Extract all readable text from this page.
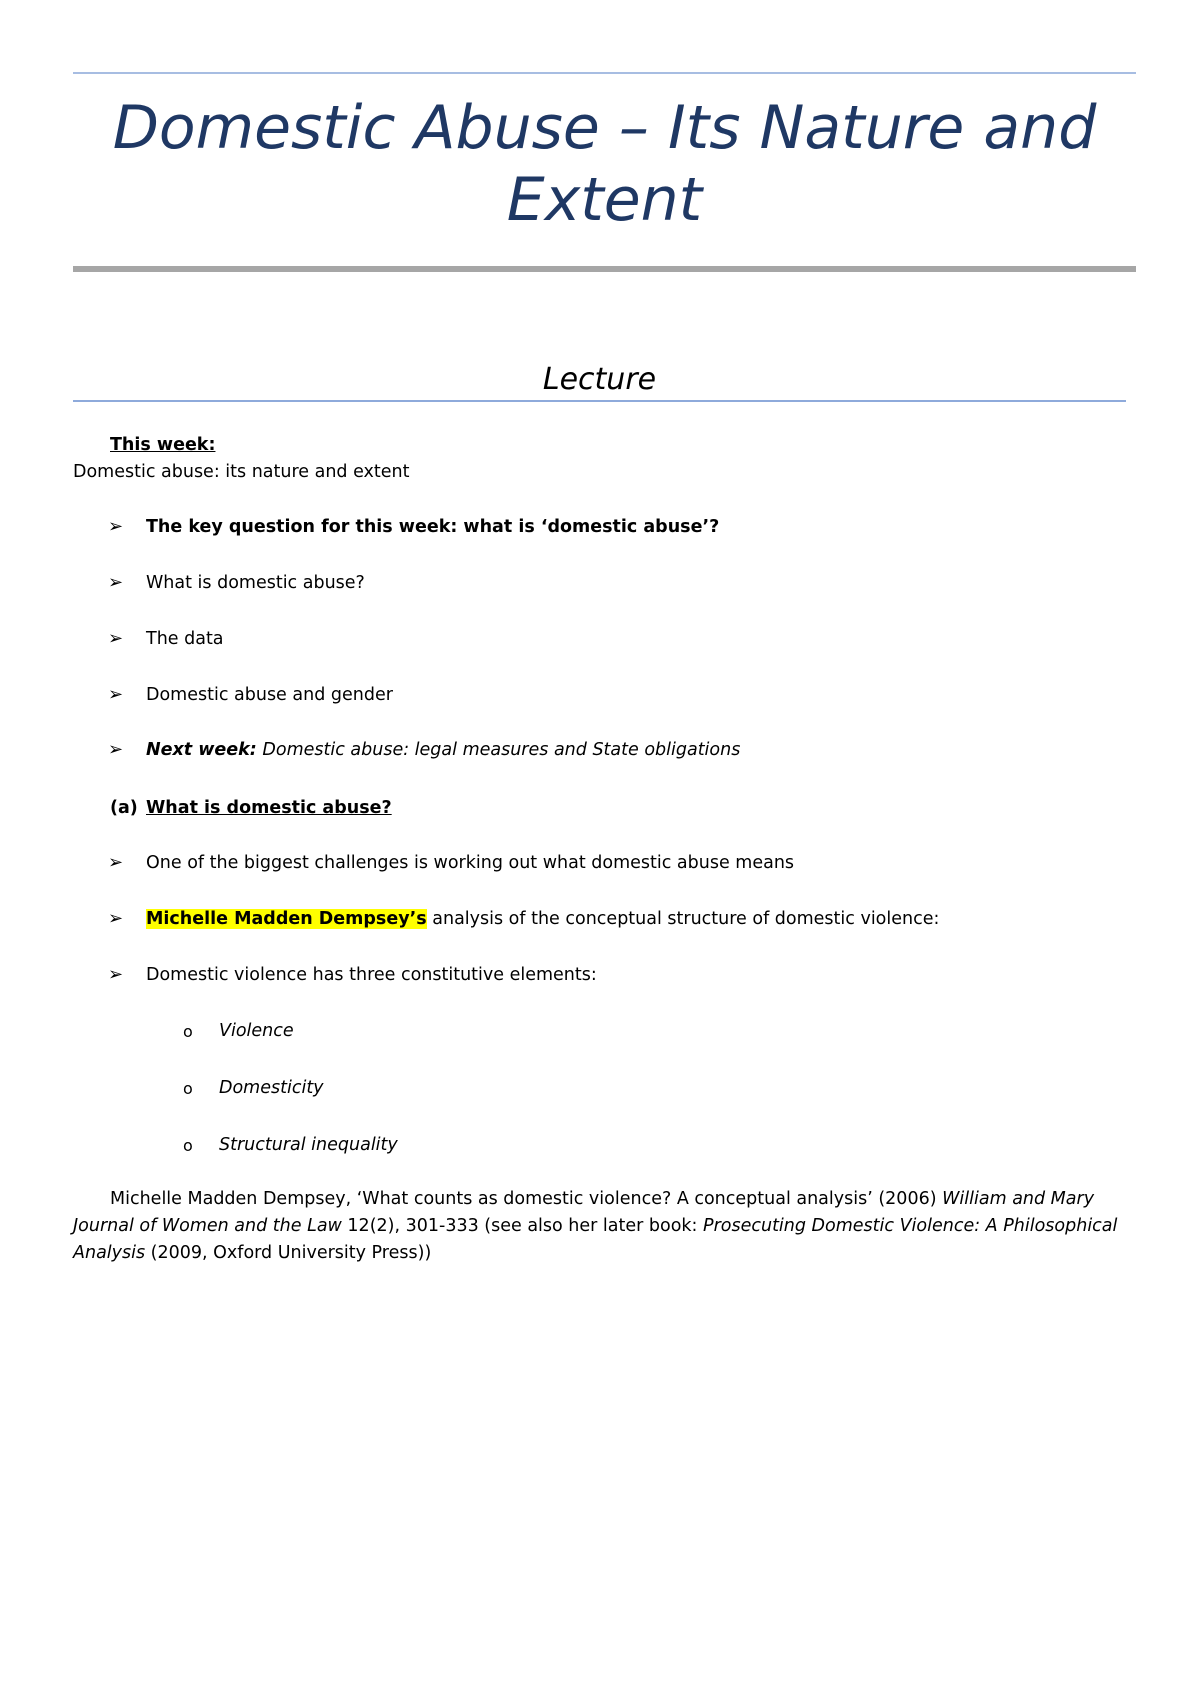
Domestic Abuse – Its Nature and Extent
Lecture
This week:
Domestic abuse: its nature and extent
➢ The key question for this week: what is ‘domestic abuse’?
➢ What is domestic abuse?
➢ The data
➢ Domestic abuse and gender
➢ Next week: Domestic abuse: legal measures and State obligations
(a) What is domestic abuse?
➢ One of the biggest challenges is working out what domestic abuse means
➢ Michelle Madden Dempsey’s analysis of the conceptual structure of domestic violence:
➢ Domestic violence has three constitutive elements:
o Violence
o Domesticity
o Structural inequality
Michelle Madden Dempsey, ‘What counts as domestic violence? A conceptual analysis’ (2006) William and Mary Journal of Women and the Law 12(2), 301-333 (see also her later book: Prosecuting Domestic Violence: A Philosophical Analysis (2009, Oxford University Press))
